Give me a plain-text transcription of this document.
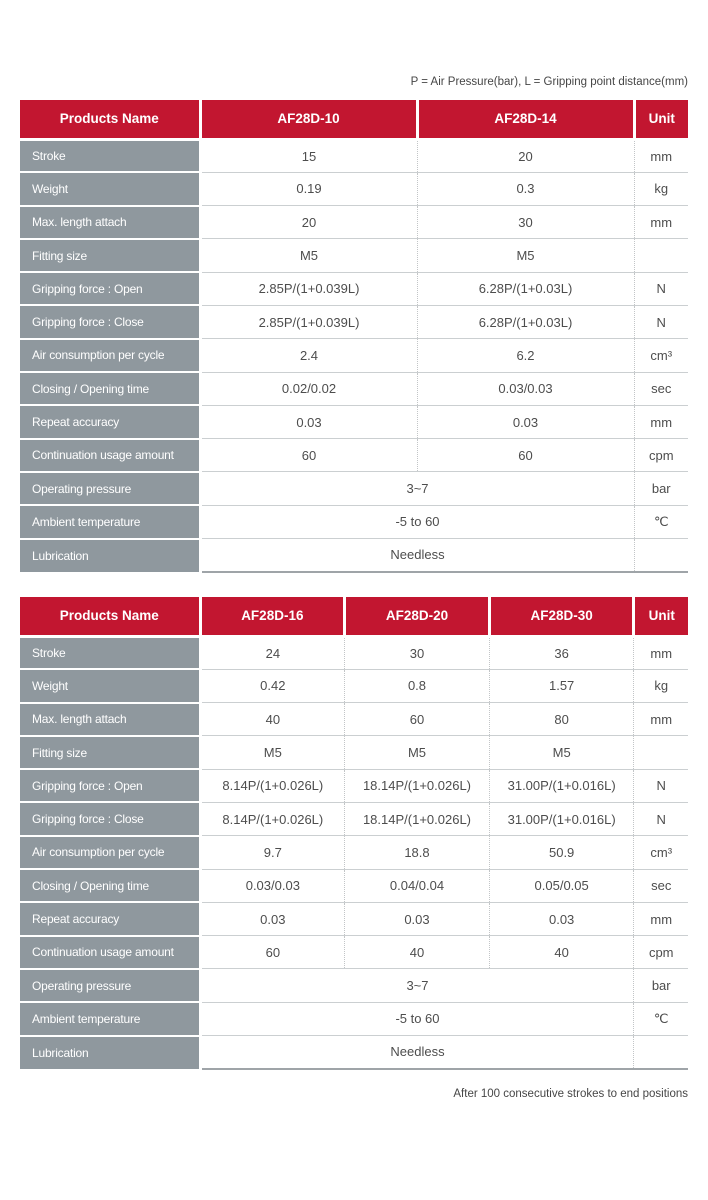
P = Air Pressure(bar), L = Gripping point distance(mm)
Products Name	AF28D-10	AF28D-14	Unit
Stroke	15	20	mm
Weight	0.19	0.3	kg
Max. length attach	20	30	mm
Fitting size	M5	M5	
Gripping force : Open	2.85P/(1+0.039L)	6.28P/(1+0.03L)	N
Gripping force : Close	2.85P/(1+0.039L)	6.28P/(1+0.03L)	N
Air consumption per cycle	2.4	6.2	cm³
Closing / Opening time	0.02/0.02	0.03/0.03	sec
Repeat accuracy	0.03	0.03	mm
Continuation usage amount	60	60	cpm
Operating pressure	3~7		bar
Ambient temperature	-5 to 60		℃
Lubrication	Needless		
Products Name	AF28D-16	AF28D-20	AF28D-30	Unit
Stroke	24	30	36	mm
Weight	0.42	0.8	1.57	kg
Max. length attach	40	60	80	mm
Fitting size	M5	M5	M5	
Gripping force : Open	8.14P/(1+0.026L)	18.14P/(1+0.026L)	31.00P/(1+0.016L)	N
Gripping force : Close	8.14P/(1+0.026L)	18.14P/(1+0.026L)	31.00P/(1+0.016L)	N
Air consumption per cycle	9.7	18.8	50.9	cm³
Closing / Opening time	0.03/0.03	0.04/0.04	0.05/0.05	sec
Repeat accuracy	0.03	0.03	0.03	mm
Continuation usage amount	60	40	40	cpm
Operating pressure	3~7			bar
Ambient temperature	-5 to 60			℃
Lubrication	Needless			
After 100 consecutive strokes to end positions
